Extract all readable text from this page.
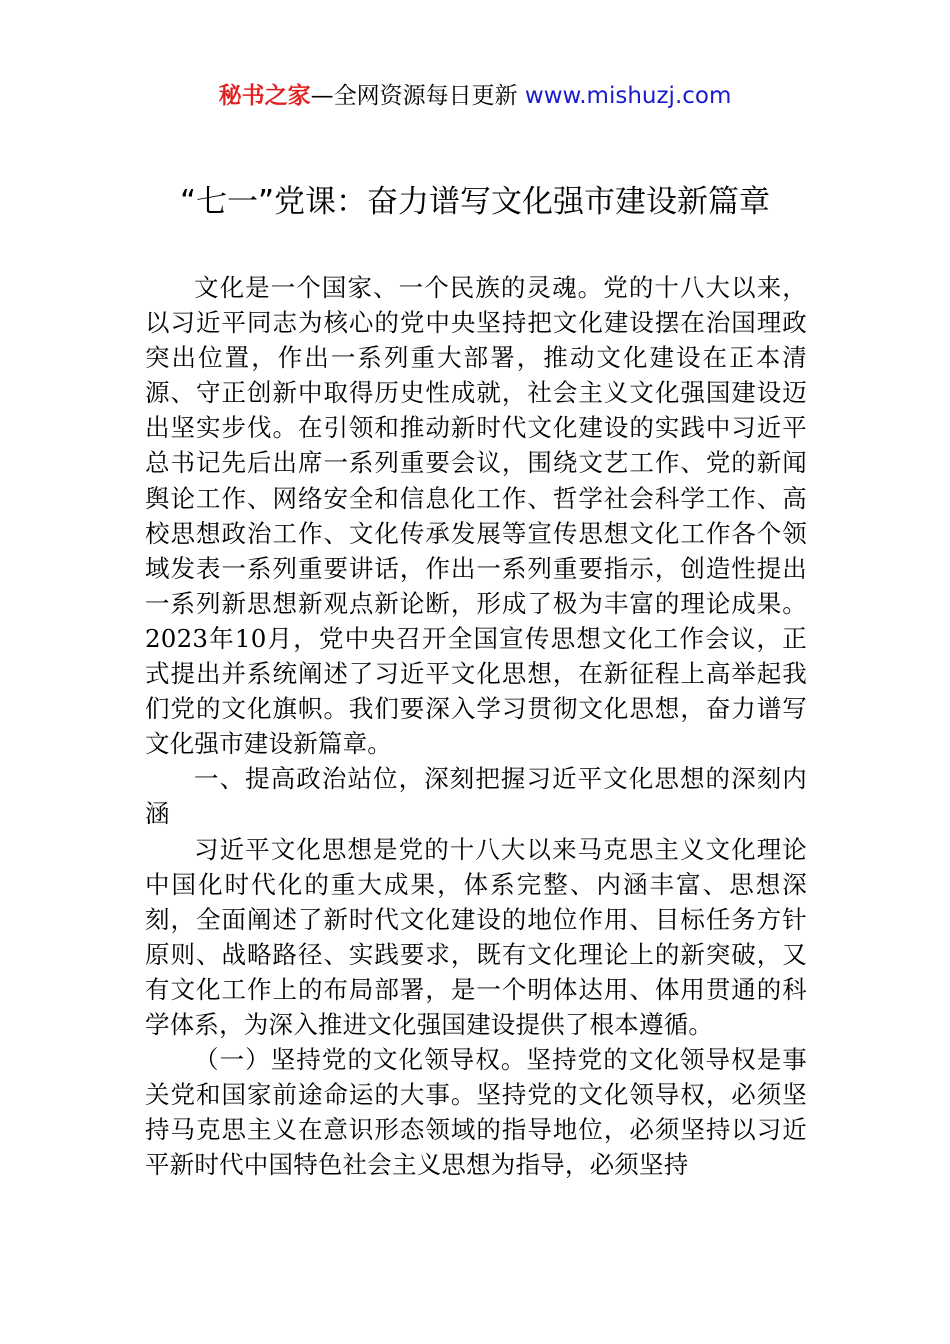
秘书之家—全网资源每日更新 www.mishuzj.com
“七一”党课：奋力谱写文化强市建设新篇章

文化是一个国家、一个民族的灵魂。党的十八大以来，以习近平同志为核心的党中央坚持把文化建设摆在治国理政突出位置，作出一系列重大部署，推动文化建设在正本清源、守正创新中取得历史性成就，社会主义文化强国建设迈出坚实步伐。在引领和推动新时代文化建设的实践中习近平总书记先后出席一系列重要会议，围绕文艺工作、党的新闻舆论工作、网络安全和信息化工作、哲学社会科学工作、高校思想政治工作、文化传承发展等宣传思想文化工作各个领域发表一系列重要讲话，作出一系列重要指示，创造性提出一系列新思想新观点新论断，形成了极为丰富的理论成果。2023年10月，党中央召开全国宣传思想文化工作会议，正式提出并系统阐述了习近平文化思想，在新征程上高举起我们党的文化旗帜。我们要深入学习贯彻文化思想，奋力谱写文化强市建设新篇章。

一、提高政治站位，深刻把握习近平文化思想的深刻内涵

习近平文化思想是党的十八大以来马克思主义文化理论中国化时代化的重大成果，体系完整、内涵丰富、思想深刻，全面阐述了新时代文化建设的地位作用、目标任务方针原则、战略路径、实践要求，既有文化理论上的新突破，又有文化工作上的布局部署，是一个明体达用、体用贯通的科学体系，为深入推进文化强国建设提供了根本遵循。

（一）坚持党的文化领导权。坚持党的文化领导权是事关党和国家前途命运的大事。坚持党的文化领导权，必须坚持马克思主义在意识形态领域的指导地位，必须坚持以习近平新时代中国特色社会主义思想为指导，必须坚持
